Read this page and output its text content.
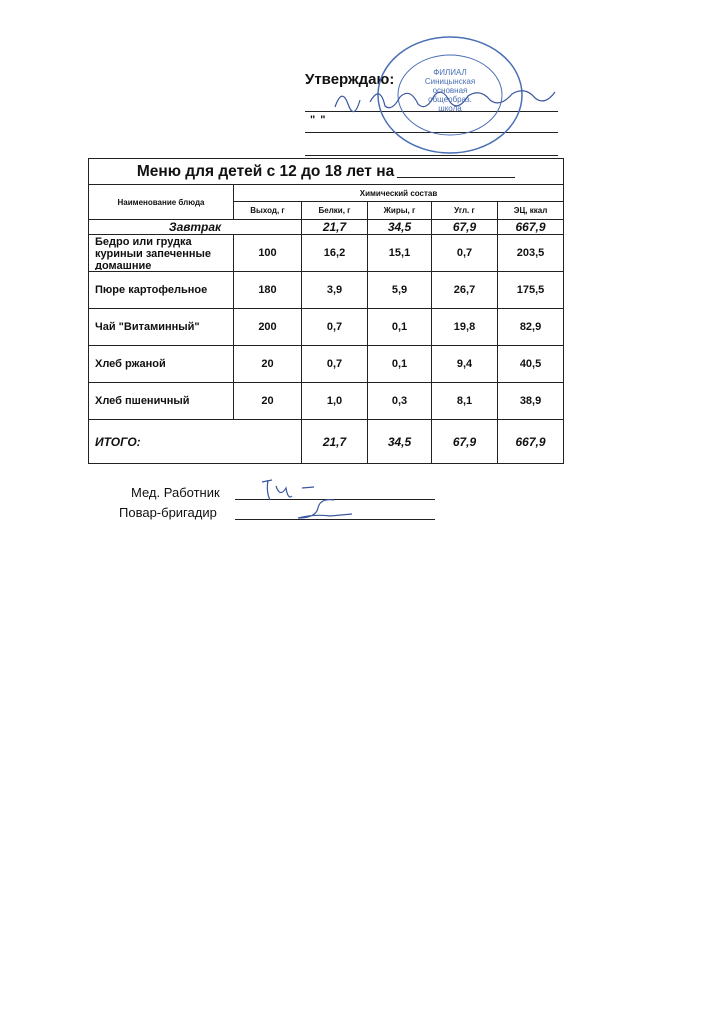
Утверждаю:
" "
ФИЛИАЛ
Синицынская
основная
общеобраз.
школа
Меню для детей с 12 до 18 лет на					
Наименование блюда	Химический состав				
	Выход, г	Белки, г	Жиры, г	Угл. г	ЭЦ, ккал
Завтрак		21,7	34,5	67,9	667,9

Бедро или грудка куриныи запеченные домашние	100	16,2	15,1	0,7	203,5
Пюре картофельное	180	3,9	5,9	26,7	175,5
Чай "Витаминный"	200	0,7	0,1	19,8	82,9
Хлеб ржаной	20	0,7	0,1	9,4	40,5
Хлеб пшеничный	20	1,0	0,3	8,1	38,9
ИТОГО:		21,7	34,5	67,9	667,9
Мед. Работник
Повар-бригадир
